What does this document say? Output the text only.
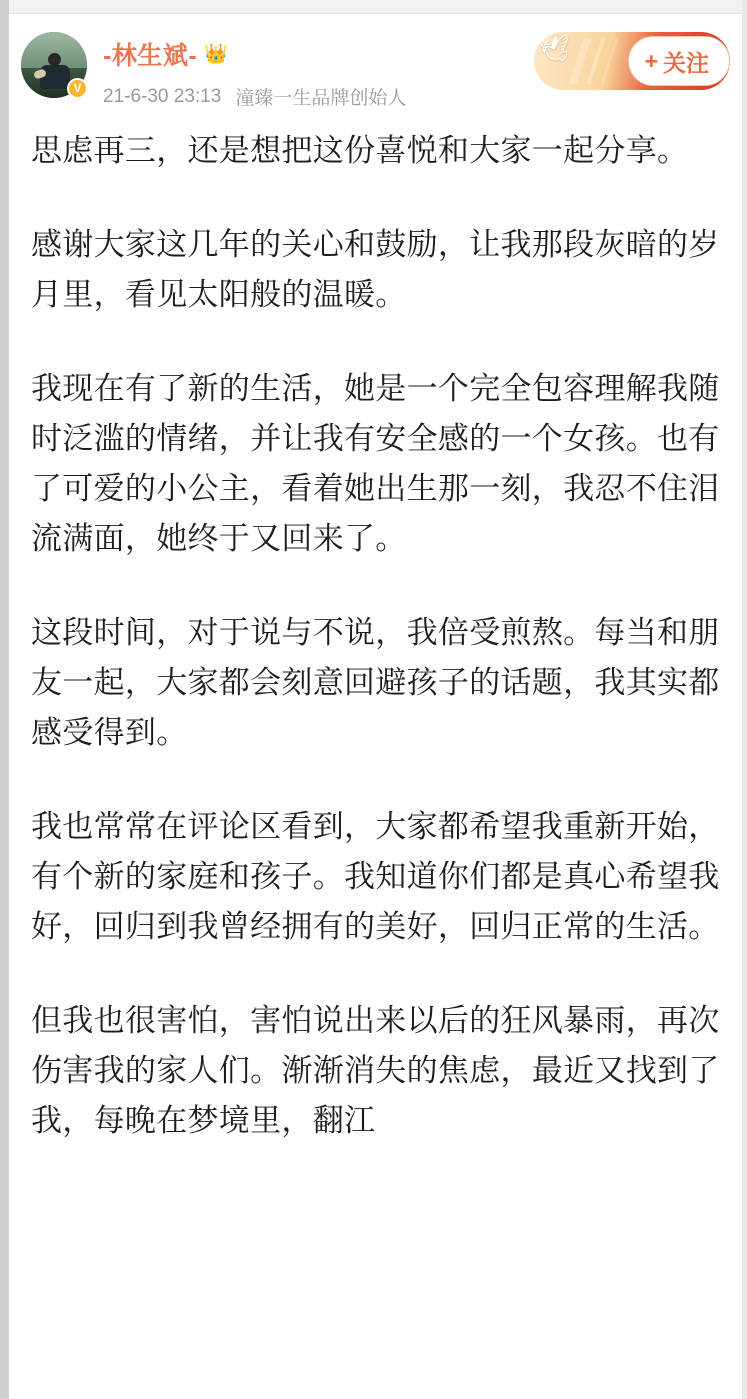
V
-林生斌- 👑
21-6-30 23:13 潼臻一生品牌创始人
🕊	+ 关注

思虑再三，还是想把这份喜悦和大家一起分享。

感谢大家这几年的关心和鼓励，让我那段灰暗的岁月里，看见太阳般的温暖。

我现在有了新的生活，她是一个完全包容理解我随时泛滥的情绪，并让我有安全感的一个女孩。也有了可爱的小公主，看着她出生那一刻，我忍不住泪流满面，她终于又回来了。

这段时间，对于说与不说，我倍受煎熬。每当和朋友一起，大家都会刻意回避孩子的话题，我其实都感受得到。

我也常常在评论区看到，大家都希望我重新开始，有个新的家庭和孩子。我知道你们都是真心希望我好，回归到我曾经拥有的美好，回归正常的生活。

但我也很害怕，害怕说出来以后的狂风暴雨，再次伤害我的家人们。渐渐消失的焦虑，最近又找到了我，每晚在梦境里，翻江
